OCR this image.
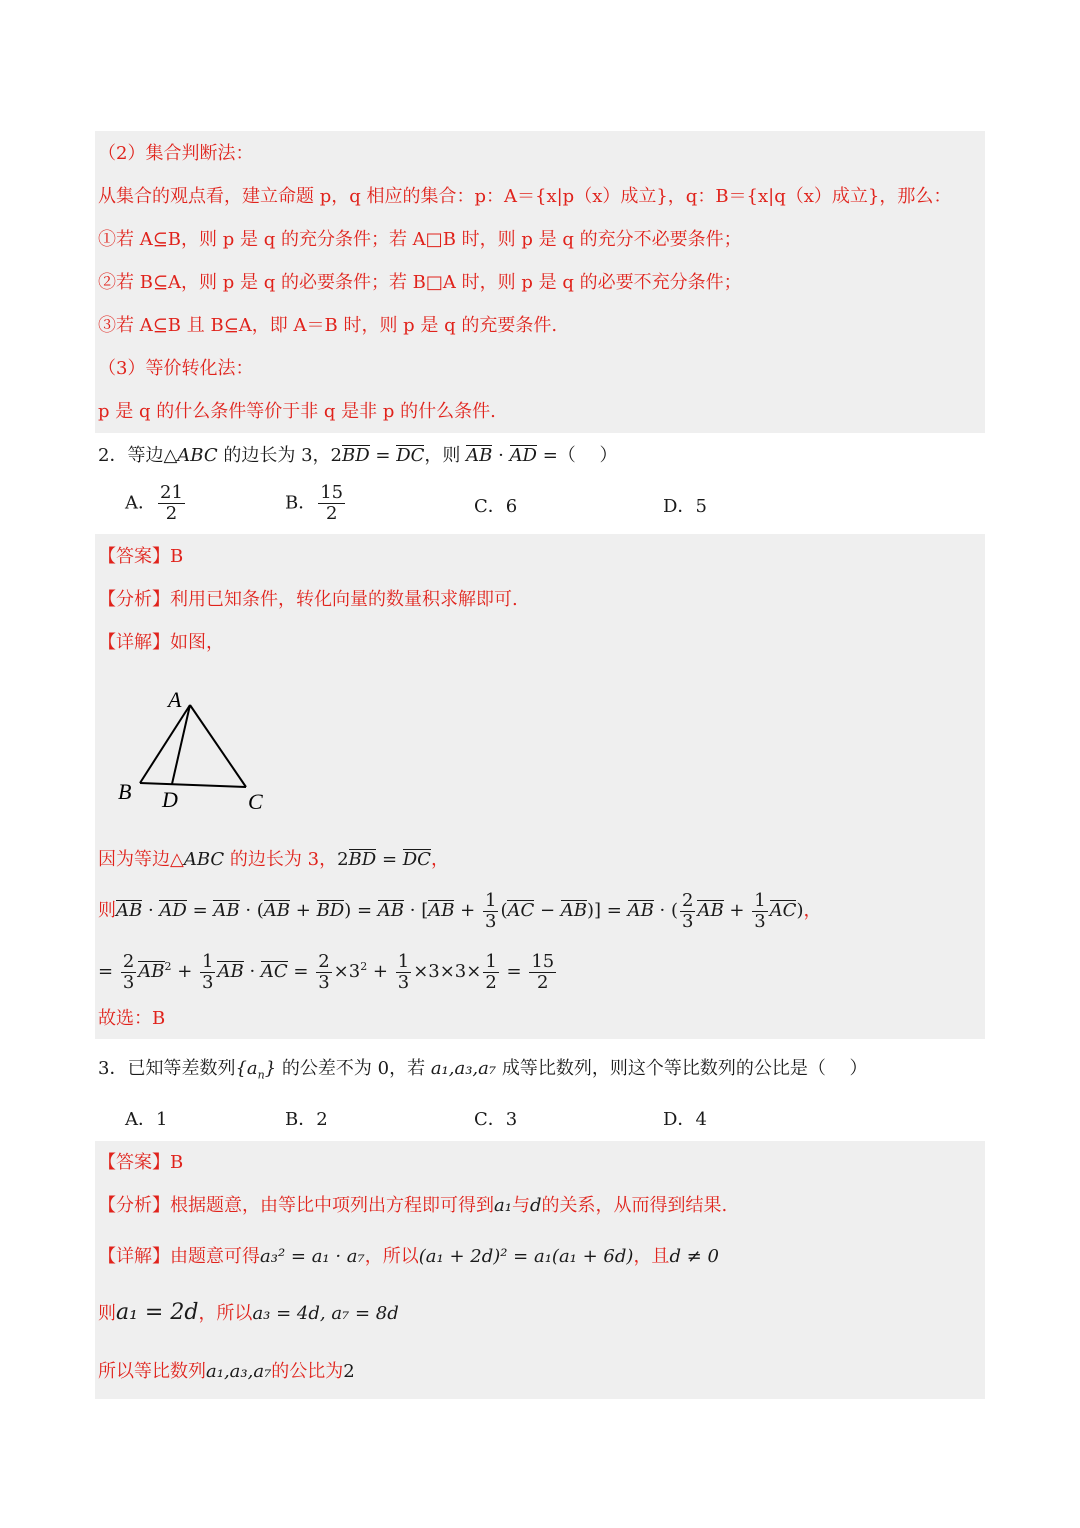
（2）集合判断法：
从集合的观点看，建立命题 p，q 相应的集合：p：A＝{x|p（x）成立}，q：B＝{x|q（x）成立}，那么：
①若 A⊆B，则 p 是 q 的充分条件；若 A□B 时，则 p 是 q 的充分不必要条件；
②若 B⊆A，则 p 是 q 的必要条件；若 B□A 时，则 p 是 q 的必要不充分条件；
③若 A⊆B 且 B⊆A，即 A＝B 时，则 p 是 q 的充要条件.
（3）等价转化法：
p 是 q 的什么条件等价于非 q 是非 p 的什么条件.
2．等边△ABC 的边长为 3，2BD = DC，则 AB · AD =（　 ）
A． $\frac{21}{2}$	B． $\frac{15}{2}$	C．6	D．5
【答案】B
【分析】利用已知条件，转化向量的数量积求解即可.
【详解】如图，
A
B D	C
因为等边△ABC 的边长为 3，2BD = DC，
则AB · AD = AB · (AB + BD) = AB · $[AB + \frac{1}{3} (AC - AB)]$ = AB · ( $\frac{2}{3}$ AB + $\frac{1}{3} AC$)，
= $\frac{2}{3} AB^2 + \frac{1}{3}$ AB · AC = $\frac{2}{3} \times 3^2 + \frac{1}{3} \times 3\times 3\times \frac{1}{2} = \frac{15}{2}$
故选：B
3．已知等差数列$\{a_n\}$ 的公差不为 0，若 a₁,a₃,a₇ 成等比数列，则这个等比数列的公比是（　 ）
A．1	B．2	C．3	D．4
【答案】B
【分析】根据题意，由等比中项列出方程即可得到a₁与d的关系，从而得到结果.
【详解】由题意可得a₃² = a₁ · a₇，所以(a₁ + 2d)² = a₁(a₁ + 6d)，且d ≠ 0
则a₁ = 2d，所以a₃ = 4d, a₇ = 8d
所以等比数列a₁,a₃,a₇的公比为2
